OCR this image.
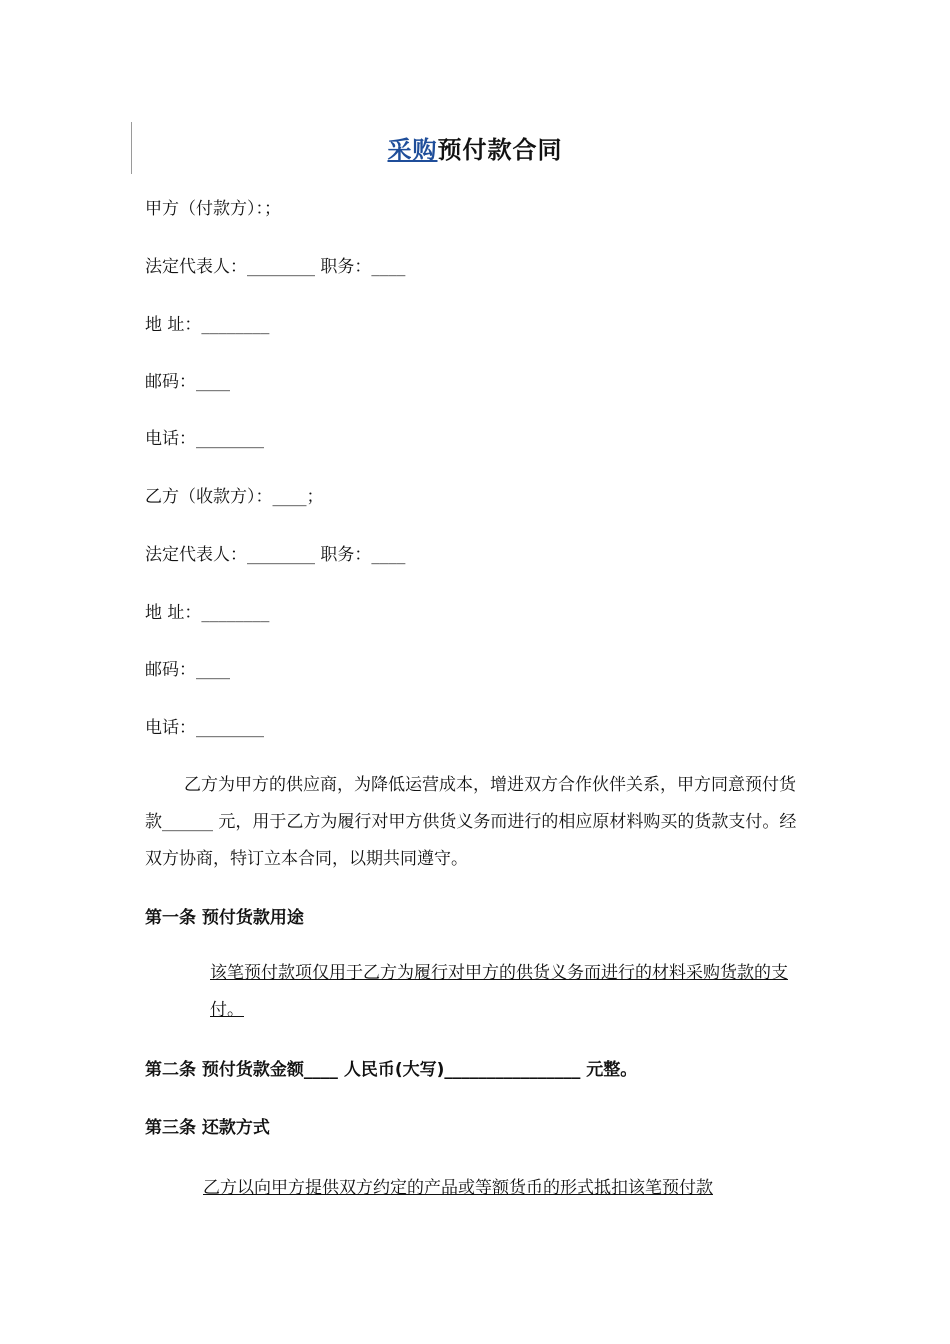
采购预付款合同
甲方（付款方）：；
法定代表人：________ 职务：____
地 址：________
邮码：____
电话：________
乙方（收款方）：____；
法定代表人：________ 职务：____
地 址：________
邮码：____
电话：________
乙方为甲方的供应商，为降低运营成本，增进双方合作伙伴关系，甲方同意预付货款______ 元，用于乙方为履行对甲方供货义务而进行的相应原材料购买的货款支付。经双方协商，特订立本合同，以期共同遵守。
第一条 预付货款用途
该笔预付款项仅用于乙方为履行对甲方的供货义务而进行的材料采购货款的支付。
第二条 预付货款金额____ 人民币(大写)________________ 元整。
第三条 还款方式
乙方以向甲方提供双方约定的产品或等额货币的形式抵扣该笔预付款
